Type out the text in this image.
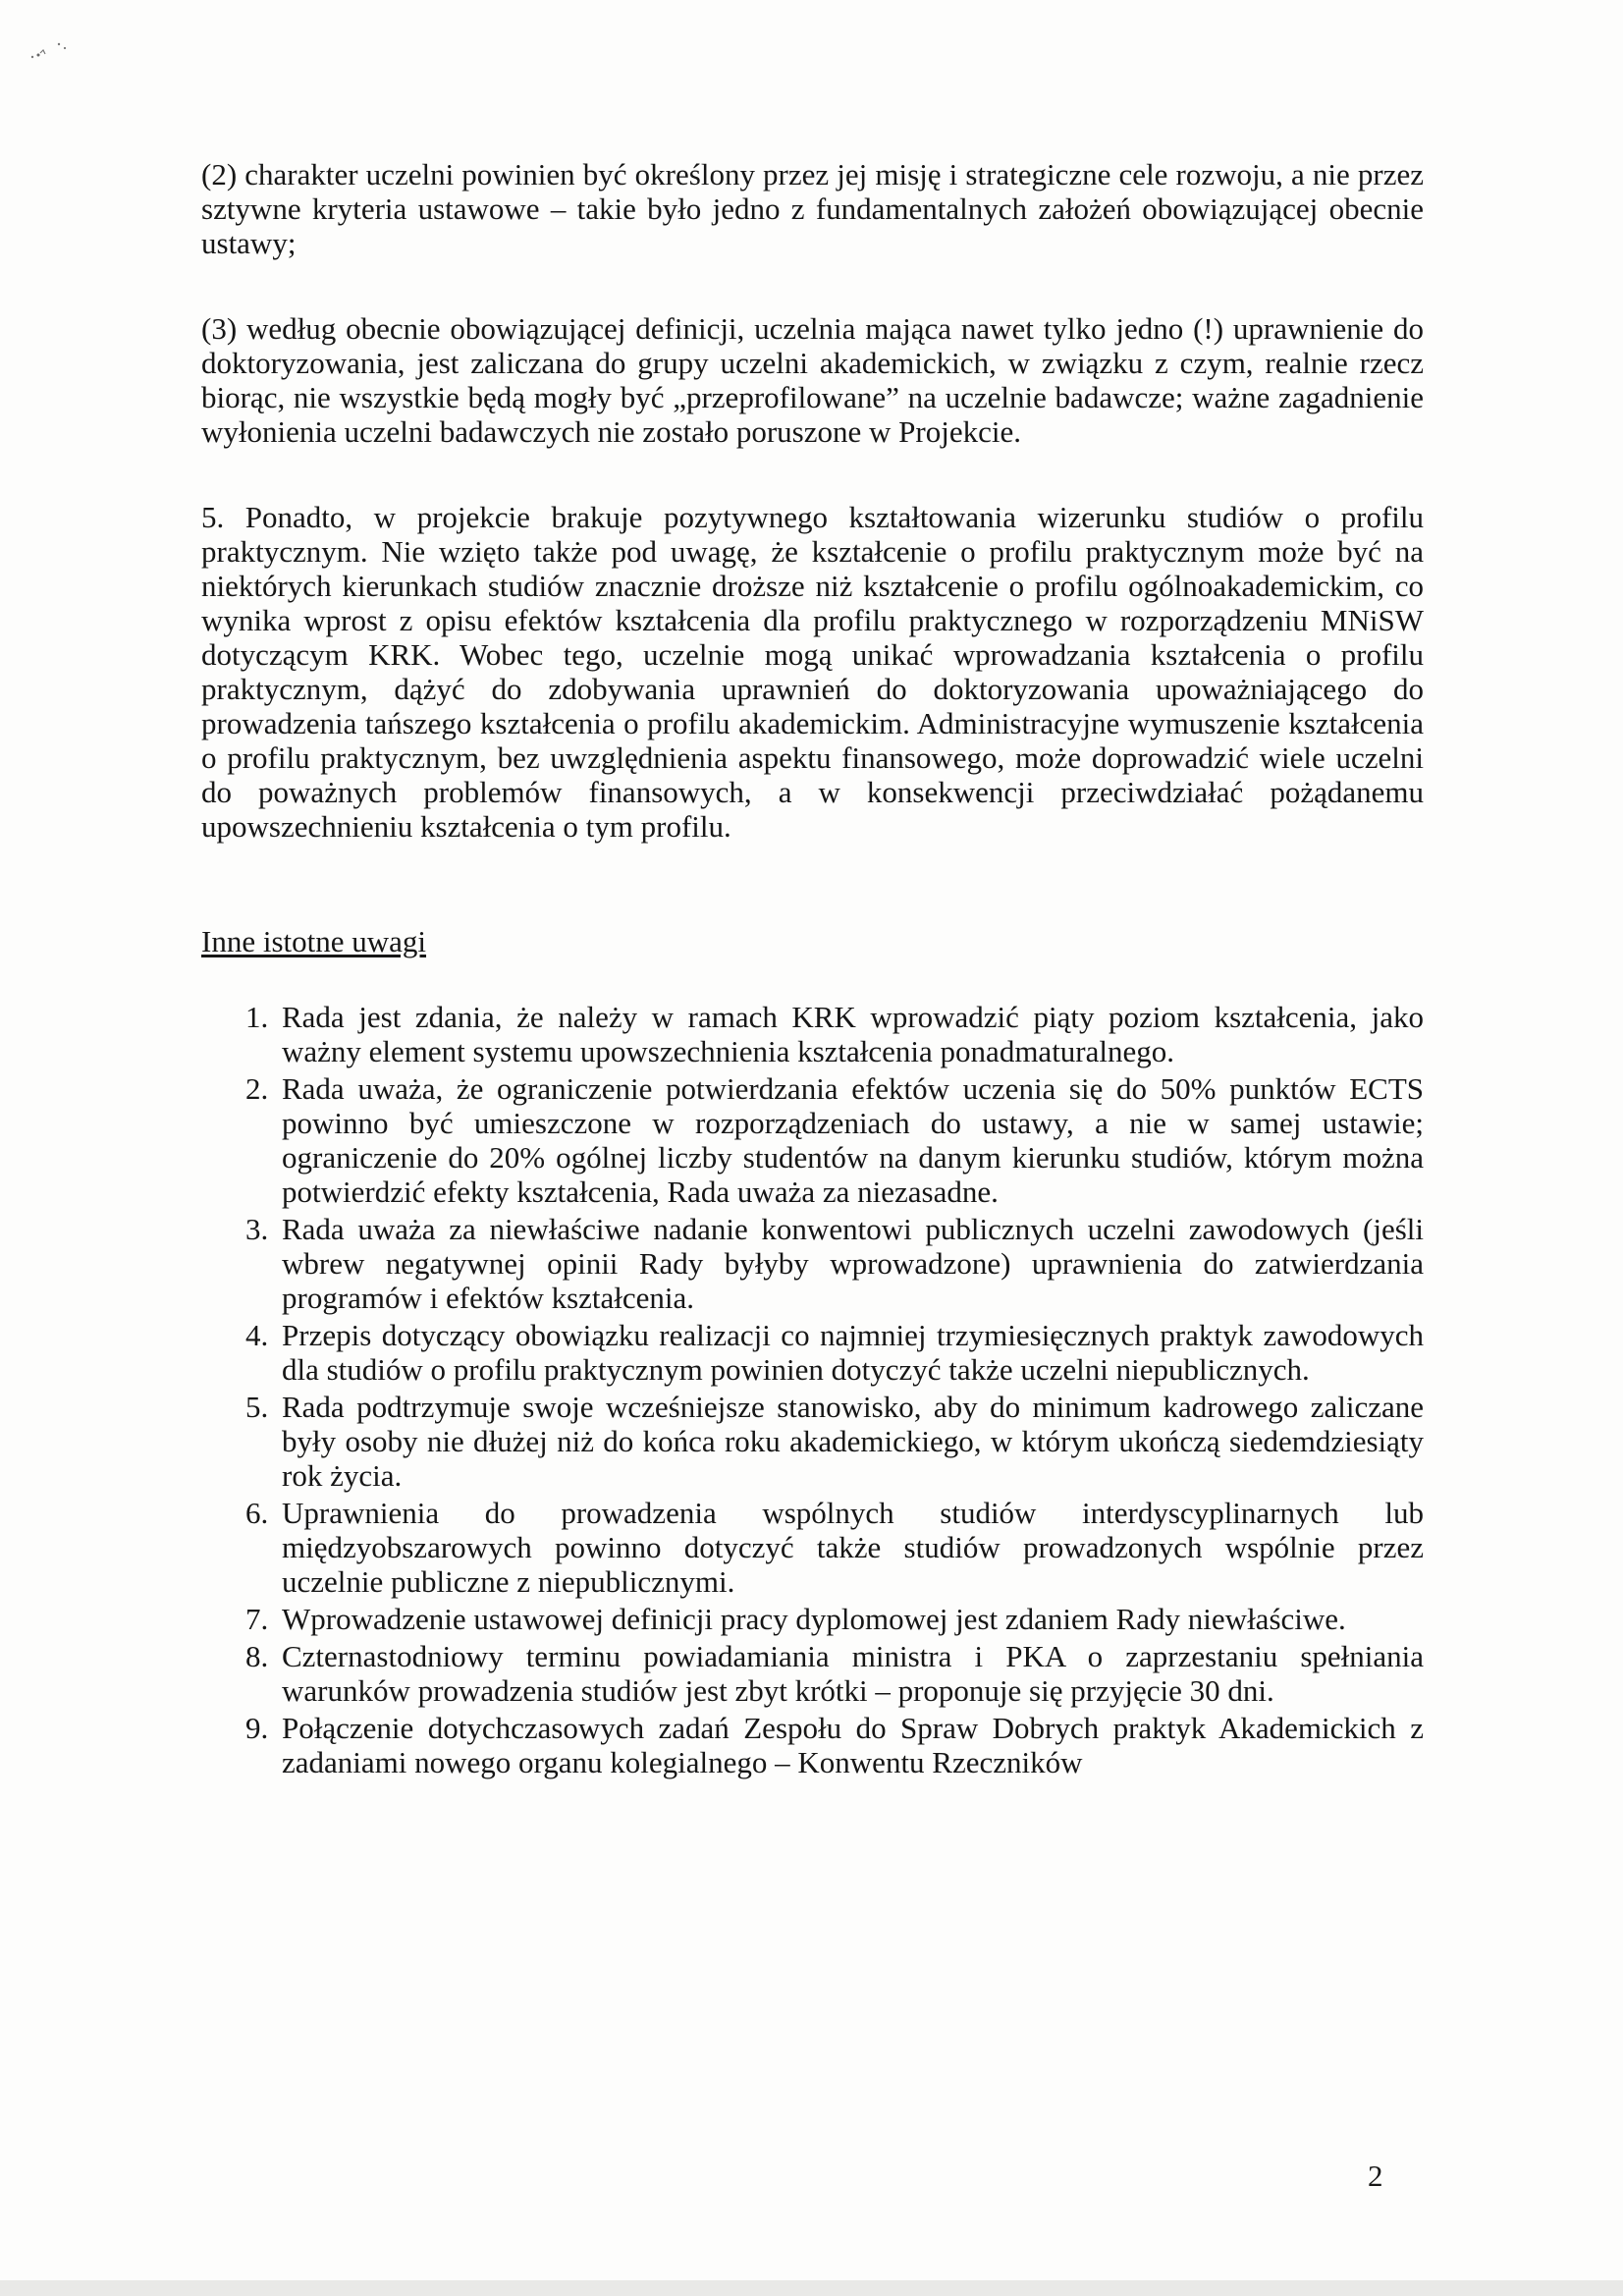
(2) charakter uczelni powinien być określony przez jej misję i strategiczne cele rozwoju, a nie przez sztywne kryteria ustawowe – takie było jedno z fundamentalnych założeń obowiązującej obecnie ustawy;

(3) według obecnie obowiązującej definicji, uczelnia mająca nawet tylko jedno (!) uprawnienie do doktoryzowania, jest zaliczana do grupy uczelni akademickich, w związku z czym, realnie rzecz biorąc, nie wszystkie będą mogły być „przeprofilowane” na uczelnie badawcze; ważne zagadnienie wyłonienia uczelni badawczych nie zostało poruszone w Projekcie.

5. Ponadto, w projekcie brakuje pozytywnego kształtowania wizerunku studiów o profilu praktycznym. Nie wzięto także pod uwagę, że kształcenie o profilu praktycznym może być na niektórych kierunkach studiów znacznie droższe niż kształcenie o profilu ogólnoakademickim, co wynika wprost z opisu efektów kształcenia dla profilu praktycznego w rozporządzeniu MNiSW dotyczącym KRK. Wobec tego, uczelnie mogą unikać wprowadzania kształcenia o profilu praktycznym, dążyć do zdobywania uprawnień do doktoryzowania upoważniającego do prowadzenia tańszego kształcenia o profilu akademickim. Administracyjne wymuszenie kształcenia o profilu praktycznym, bez uwzględnienia aspektu finansowego, może doprowadzić wiele uczelni do poważnych problemów finansowych, a w konsekwencji przeciwdziałać pożądanemu upowszechnieniu kształcenia o tym profilu.

Inne istotne uwagi
1. Rada jest zdania, że należy w ramach KRK wprowadzić piąty poziom kształcenia, jako ważny element systemu upowszechnienia kształcenia ponadmaturalnego.
2. Rada uważa, że ograniczenie potwierdzania efektów uczenia się do 50% punktów ECTS powinno być umieszczone w rozporządzeniach do ustawy, a nie w samej ustawie; ograniczenie do 20% ogólnej liczby studentów na danym kierunku studiów, którym można potwierdzić efekty kształcenia, Rada uważa za niezasadne.
3. Rada uważa za niewłaściwe nadanie konwentowi publicznych uczelni zawodowych (jeśli wbrew negatywnej opinii Rady byłyby wprowadzone) uprawnienia do zatwierdzania programów i efektów kształcenia.
4. Przepis dotyczący obowiązku realizacji co najmniej trzymiesięcznych praktyk zawodowych dla studiów o profilu praktycznym powinien dotyczyć także uczelni niepublicznych.
5. Rada podtrzymuje swoje wcześniejsze stanowisko, aby do minimum kadrowego zaliczane były osoby nie dłużej niż do końca roku akademickiego, w którym ukończą siedemdziesiąty rok życia.
6. Uprawnienia do prowadzenia wspólnych studiów interdyscyplinarnych lub międzyobszarowych powinno dotyczyć także studiów prowadzonych wspólnie przez uczelnie publiczne z niepublicznymi.
7. Wprowadzenie ustawowej definicji pracy dyplomowej jest zdaniem Rady niewłaściwe.
8. Czternastodniowy terminu powiadamiania ministra i PKA o zaprzestaniu spełniania warunków prowadzenia studiów jest zbyt krótki – proponuje się przyjęcie 30 dni.
9. Połączenie dotychczasowych zadań Zespołu do Spraw Dobrych praktyk Akademickich z zadaniami nowego organu kolegialnego – Konwentu Rzeczników
2
